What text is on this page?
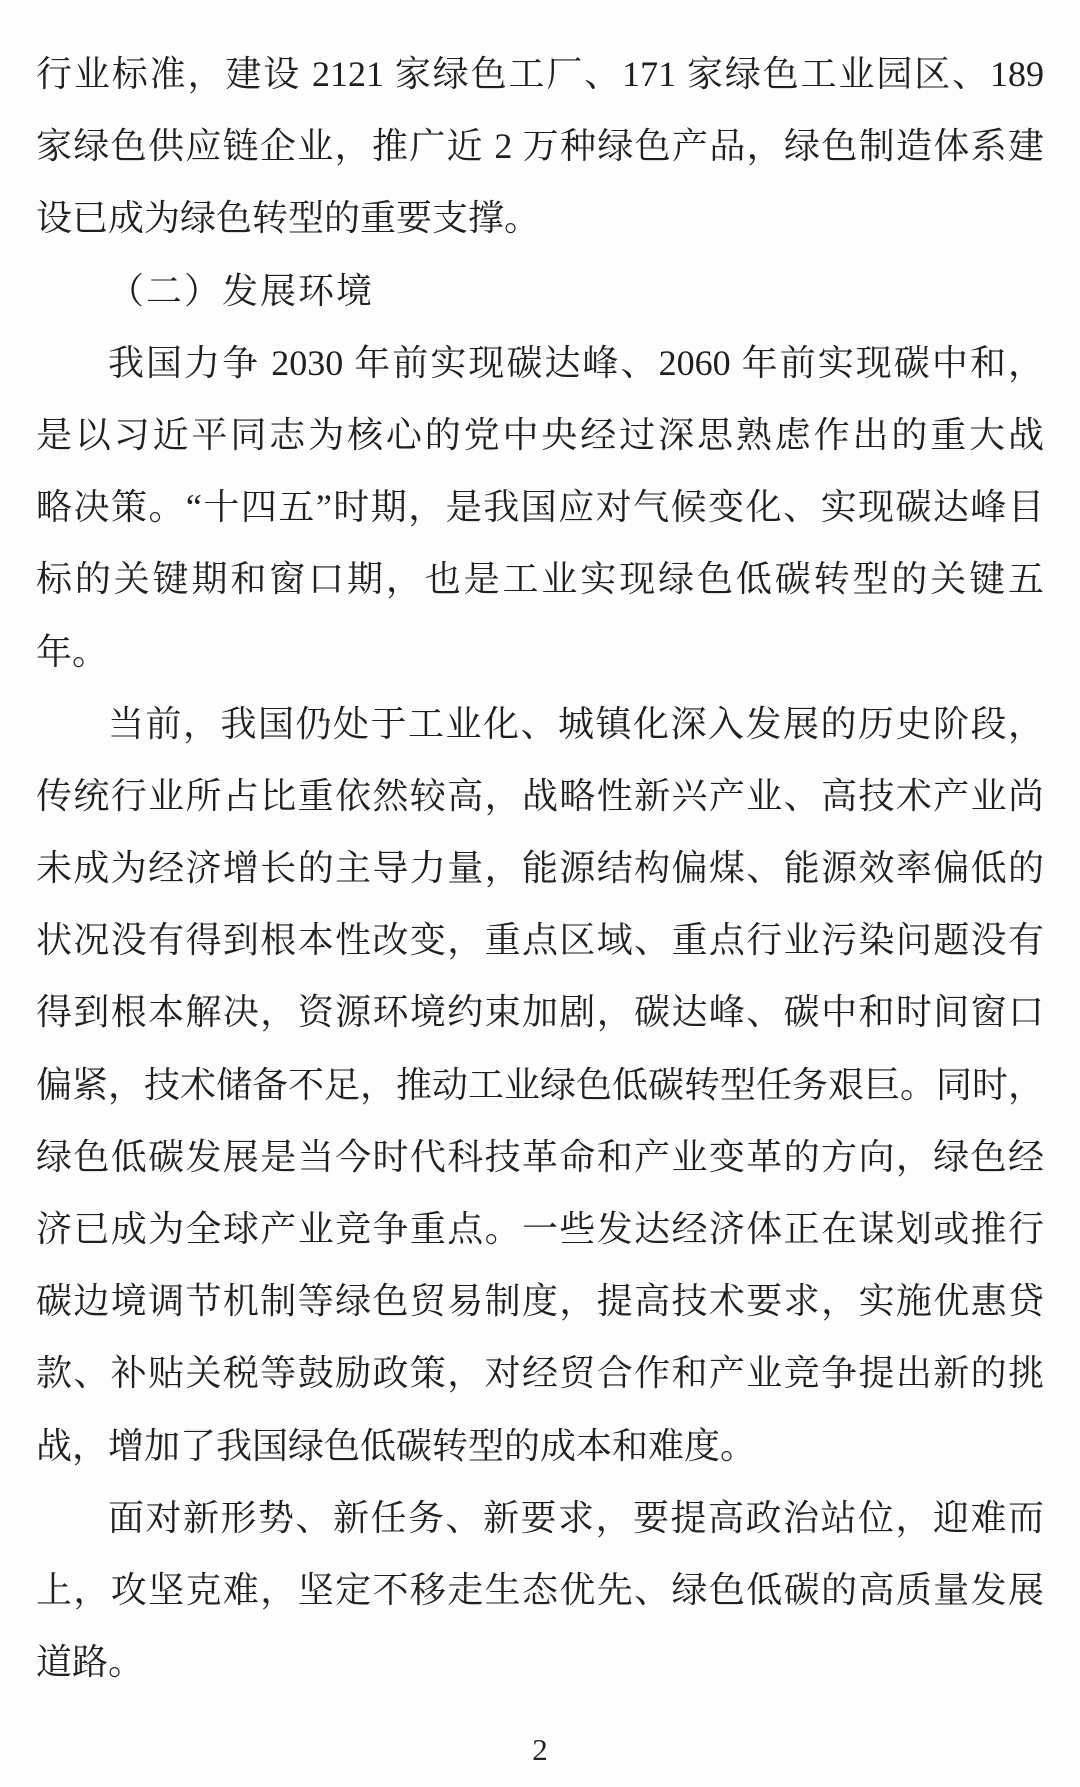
行业标准，建设 2121 家绿色工厂、171 家绿色工业园区、189
家绿色供应链企业，推广近 2 万种绿色产品，绿色制造体系建
设已成为绿色转型的重要支撑。
（二）发展环境
我国力争 2030 年前实现碳达峰、2060 年前实现碳中和，
是以习近平同志为核心的党中央经过深思熟虑作出的重大战
略决策。“十四五”时期，是我国应对气候变化、实现碳达峰目
标的关键期和窗口期，也是工业实现绿色低碳转型的关键五
年。
当前，我国仍处于工业化、城镇化深入发展的历史阶段，
传统行业所占比重依然较高，战略性新兴产业、高技术产业尚
未成为经济增长的主导力量，能源结构偏煤、能源效率偏低的
状况没有得到根本性改变，重点区域、重点行业污染问题没有
得到根本解决，资源环境约束加剧，碳达峰、碳中和时间窗口
偏紧，技术储备不足，推动工业绿色低碳转型任务艰巨。同时，
绿色低碳发展是当今时代科技革命和产业变革的方向，绿色经
济已成为全球产业竞争重点。一些发达经济体正在谋划或推行
碳边境调节机制等绿色贸易制度，提高技术要求，实施优惠贷
款、补贴关税等鼓励政策，对经贸合作和产业竞争提出新的挑
战，增加了我国绿色低碳转型的成本和难度。
面对新形势、新任务、新要求，要提高政治站位，迎难而
上，攻坚克难，坚定不移走生态优先、绿色低碳的高质量发展
道路。
2
